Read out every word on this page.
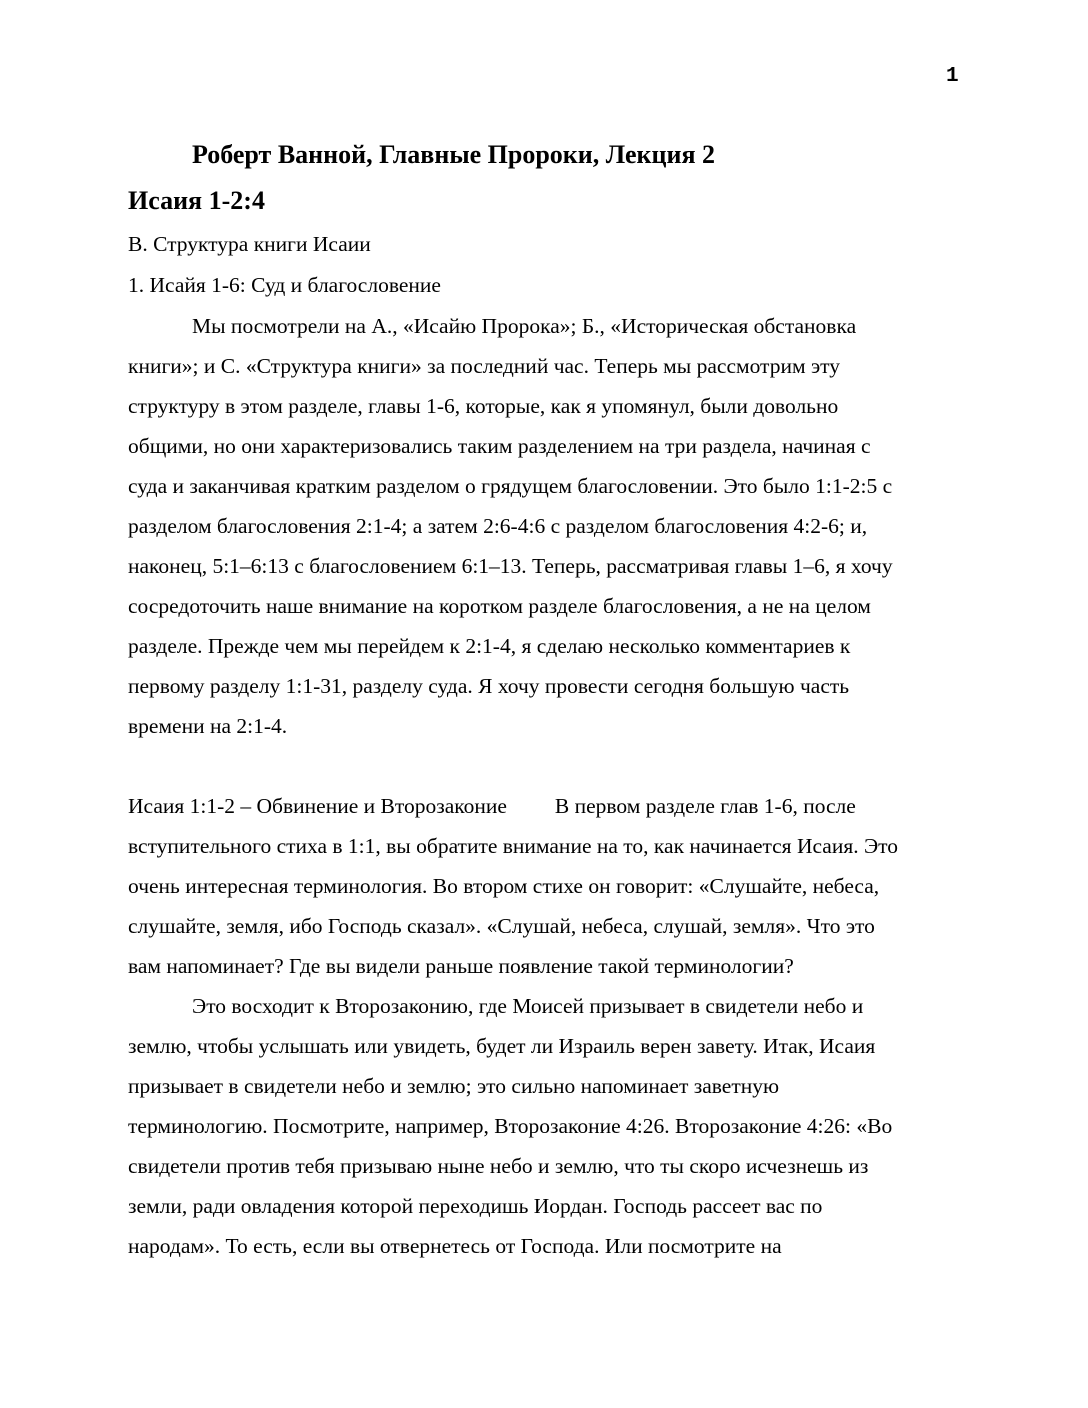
1
Роберт Ванной, Главные Пророки, Лекция 2
Исаия 1-2:4
В. Структура книги Исаии
1. Исайя 1-6: Суд и благословение
Мы посмотрели на А., «Исайю Пророка»; Б., «Историческая обстановка
книги»; и С. «Структура книги» за последний час. Теперь мы рассмотрим эту
структуру в этом разделе, главы 1-6, которые, как я упомянул, были довольно
общими, но они характеризовались таким разделением на три раздела, начиная с
суда и заканчивая кратким разделом о грядущем благословении. Это было 1:1-2:5 с
разделом благословения 2:1-4; а затем 2:6-4:6 с разделом благословения 4:2-6; и,
наконец, 5:1–6:13 с благословением 6:1–13. Теперь, рассматривая главы 1–6, я хочу
сосредоточить наше внимание на коротком разделе благословения, а не на целом
разделе. Прежде чем мы перейдем к 2:1-4, я сделаю несколько комментариев к
первому разделу 1:1-31, разделу суда. Я хочу провести сегодня большую часть
времени на 2:1-4.
Исаия 1:1-2 – Обвинение и Второзаконие В первом разделе глав 1-6, после
вступительного стиха в 1:1, вы обратите внимание на то, как начинается Исаия. Это
очень интересная терминология. Во втором стихе он говорит: «Слушайте, небеса,
слушайте, земля, ибо Господь сказал». «Слушай, небеса, слушай, земля». Что это
вам напоминает? Где вы видели раньше появление такой терминологии?
Это восходит к Второзаконию, где Моисей призывает в свидетели небо и
землю, чтобы услышать или увидеть, будет ли Израиль верен завету. Итак, Исаия
призывает в свидетели небо и землю; это сильно напоминает заветную
терминологию. Посмотрите, например, Второзаконие 4:26. Второзаконие 4:26: «Во
свидетели против тебя призываю ныне небо и землю, что ты скоро исчезнешь из
земли, ради овладения которой переходишь Иордан. Господь рассеет вас по
народам». То есть, если вы отвернетесь от Господа. Или посмотрите на
